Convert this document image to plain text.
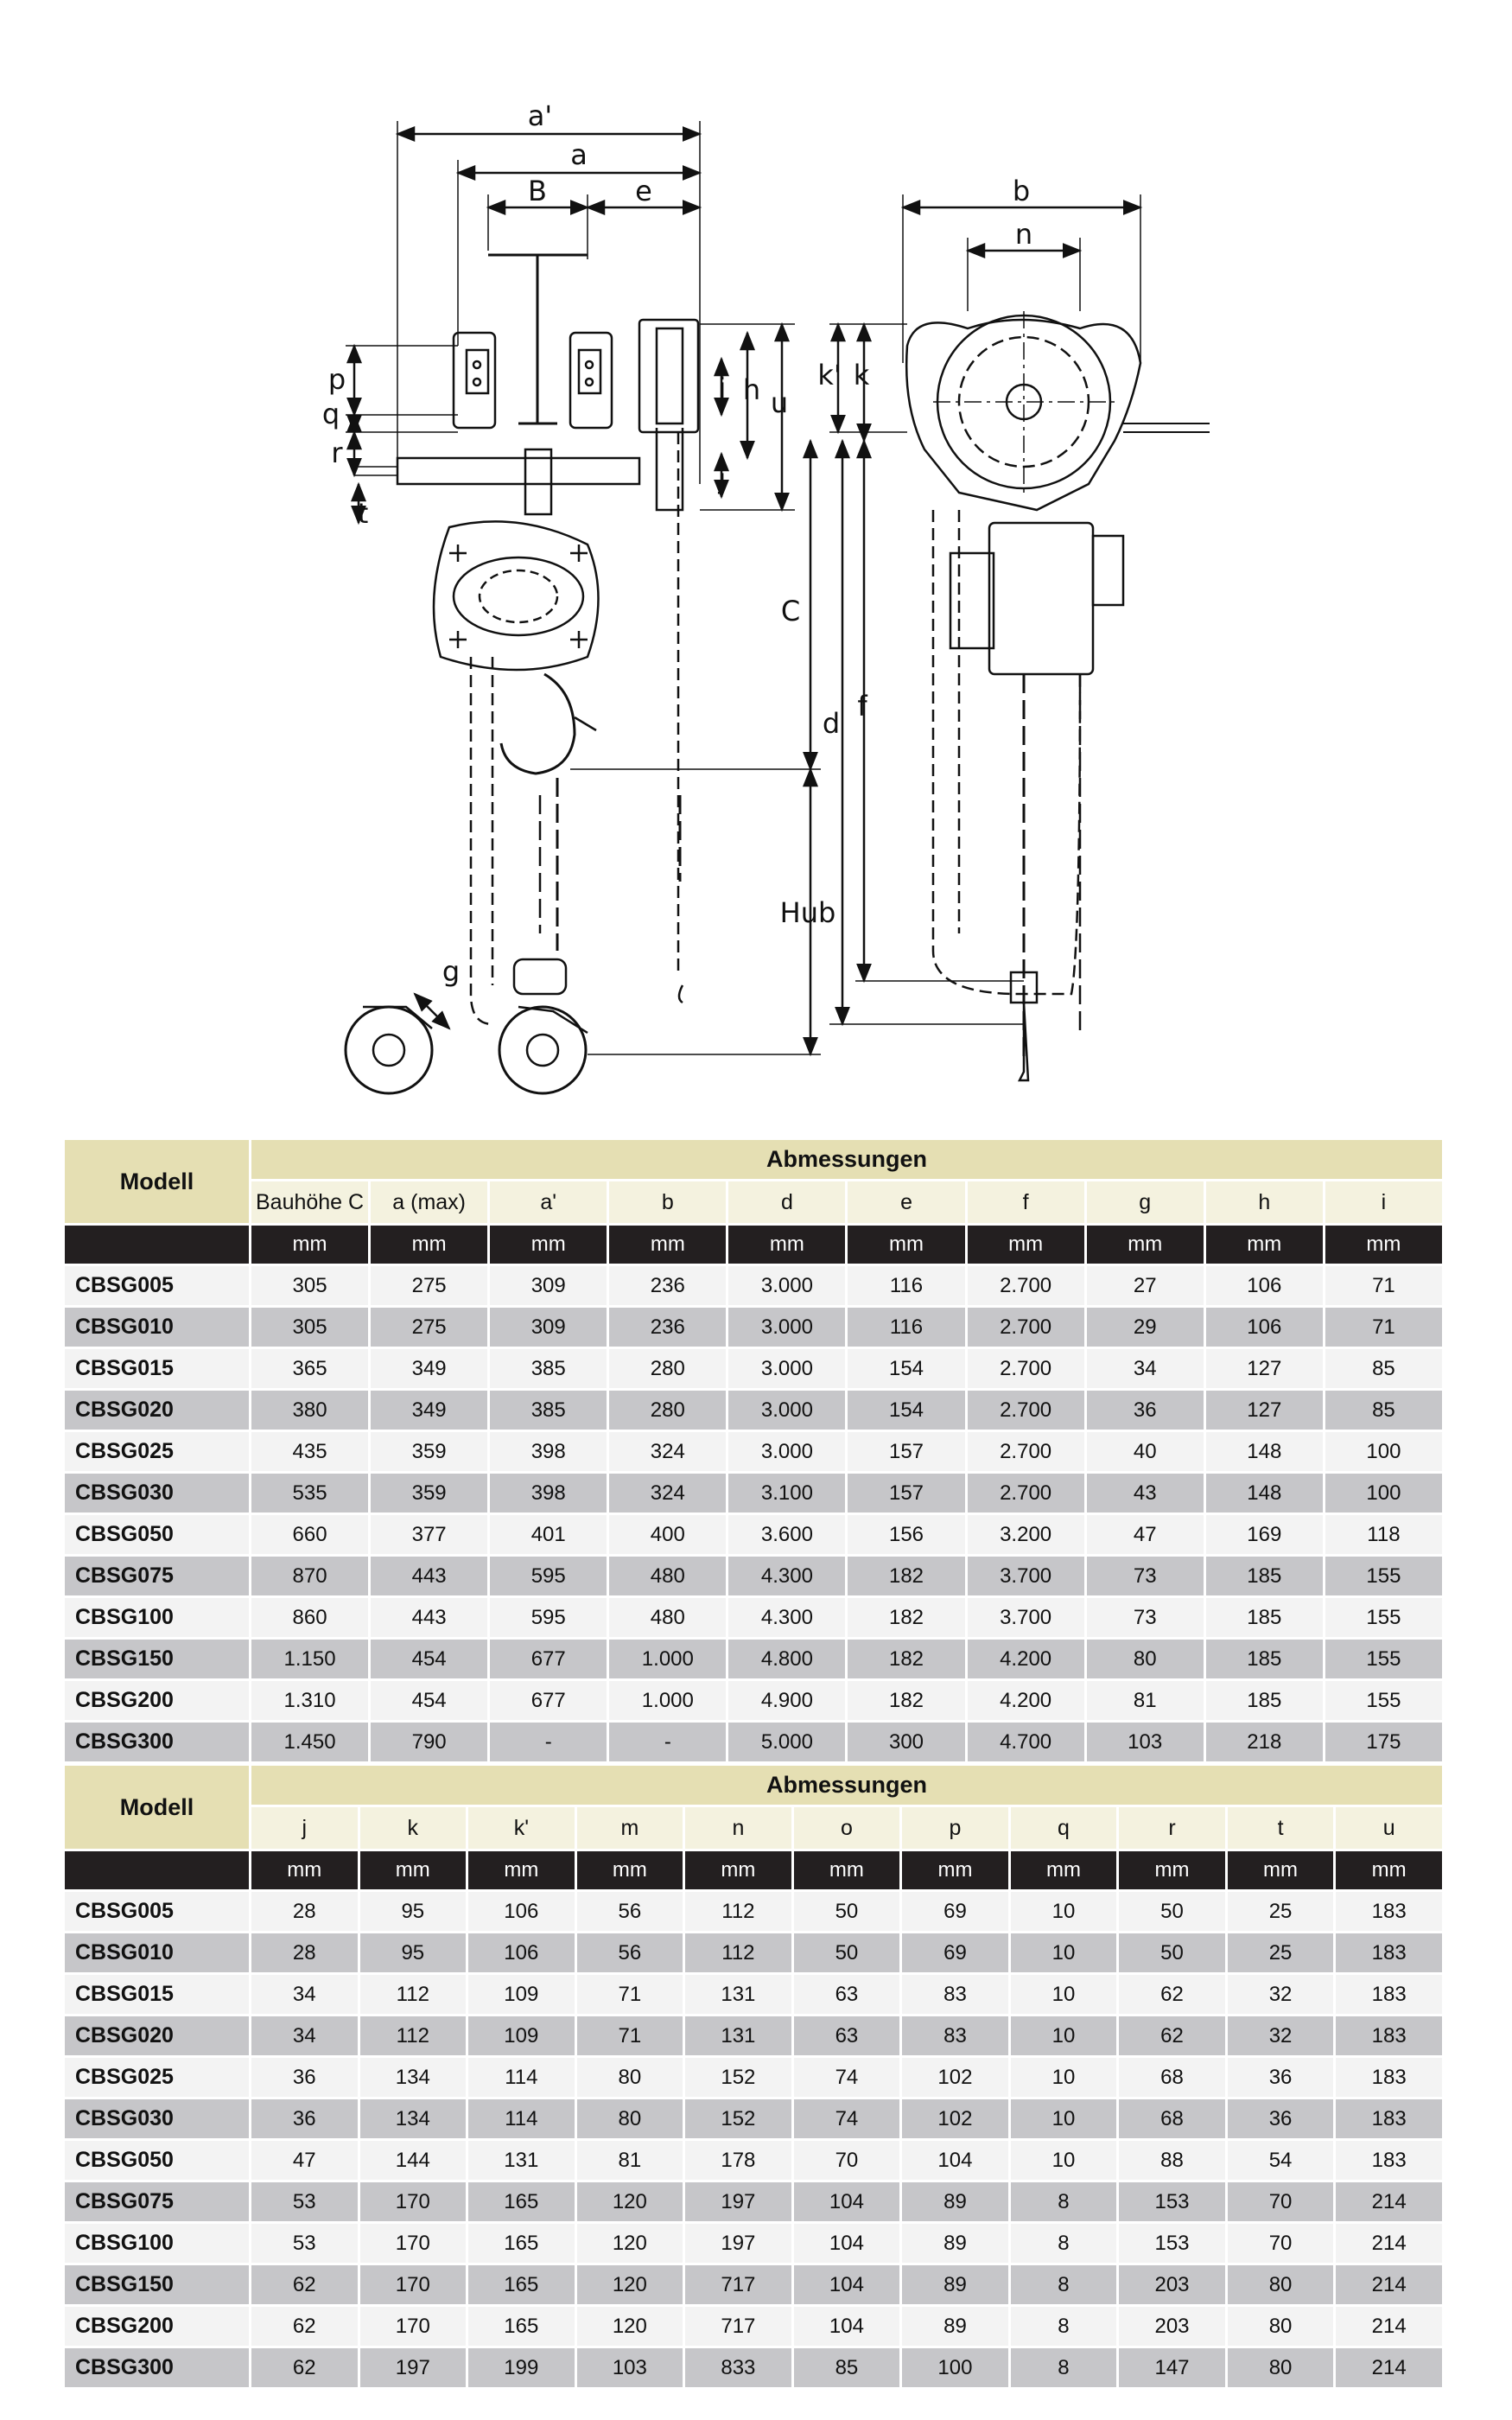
a'
a
B	e
p
q
r
t
i h u
j
C
d
Hub
g
b
n
k' k
f
Modell	Abmessungen									
	Bauhöhe C	a (max)	a'	b	d	e	f	g	h	i
	mm	mm	mm	mm	mm	mm	mm	mm	mm	mm
CBSG005	305	275	309	236	3.000	116	2.700	27	106	71
CBSG010	305	275	309	236	3.000	116	2.700	29	106	71
CBSG015	365	349	385	280	3.000	154	2.700	34	127	85
CBSG020	380	349	385	280	3.000	154	2.700	36	127	85
CBSG025	435	359	398	324	3.000	157	2.700	40	148	100
CBSG030	535	359	398	324	3.100	157	2.700	43	148	100
CBSG050	660	377	401	400	3.600	156	3.200	47	169	118
CBSG075	870	443	595	480	4.300	182	3.700	73	185	155
CBSG100	860	443	595	480	4.300	182	3.700	73	185	155
CBSG150	1.150	454	677	1.000	4.800	182	4.200	80	185	155
CBSG200	1.310	454	677	1.000	4.900	182	4.200	81	185	155
CBSG300	1.450	790	-	-	5.000	300	4.700	103	218	175
Modell	Abmessungen										
	j	k	k'	m	n	o	p	q	r	t	u
	mm	mm	mm	mm	mm	mm	mm	mm	mm	mm	mm
CBSG005	28	95	106	56	112	50	69	10	50	25	183
CBSG010	28	95	106	56	112	50	69	10	50	25	183
CBSG015	34	112	109	71	131	63	83	10	62	32	183
CBSG020	34	112	109	71	131	63	83	10	62	32	183
CBSG025	36	134	114	80	152	74	102	10	68	36	183
CBSG030	36	134	114	80	152	74	102	10	68	36	183
CBSG050	47	144	131	81	178	70	104	10	88	54	183
CBSG075	53	170	165	120	197	104	89	8	153	70	214
CBSG100	53	170	165	120	197	104	89	8	153	70	214
CBSG150	62	170	165	120	717	104	89	8	203	80	214
CBSG200	62	170	165	120	717	104	89	8	203	80	214
CBSG300	62	197	199	103	833	85	100	8	147	80	214
